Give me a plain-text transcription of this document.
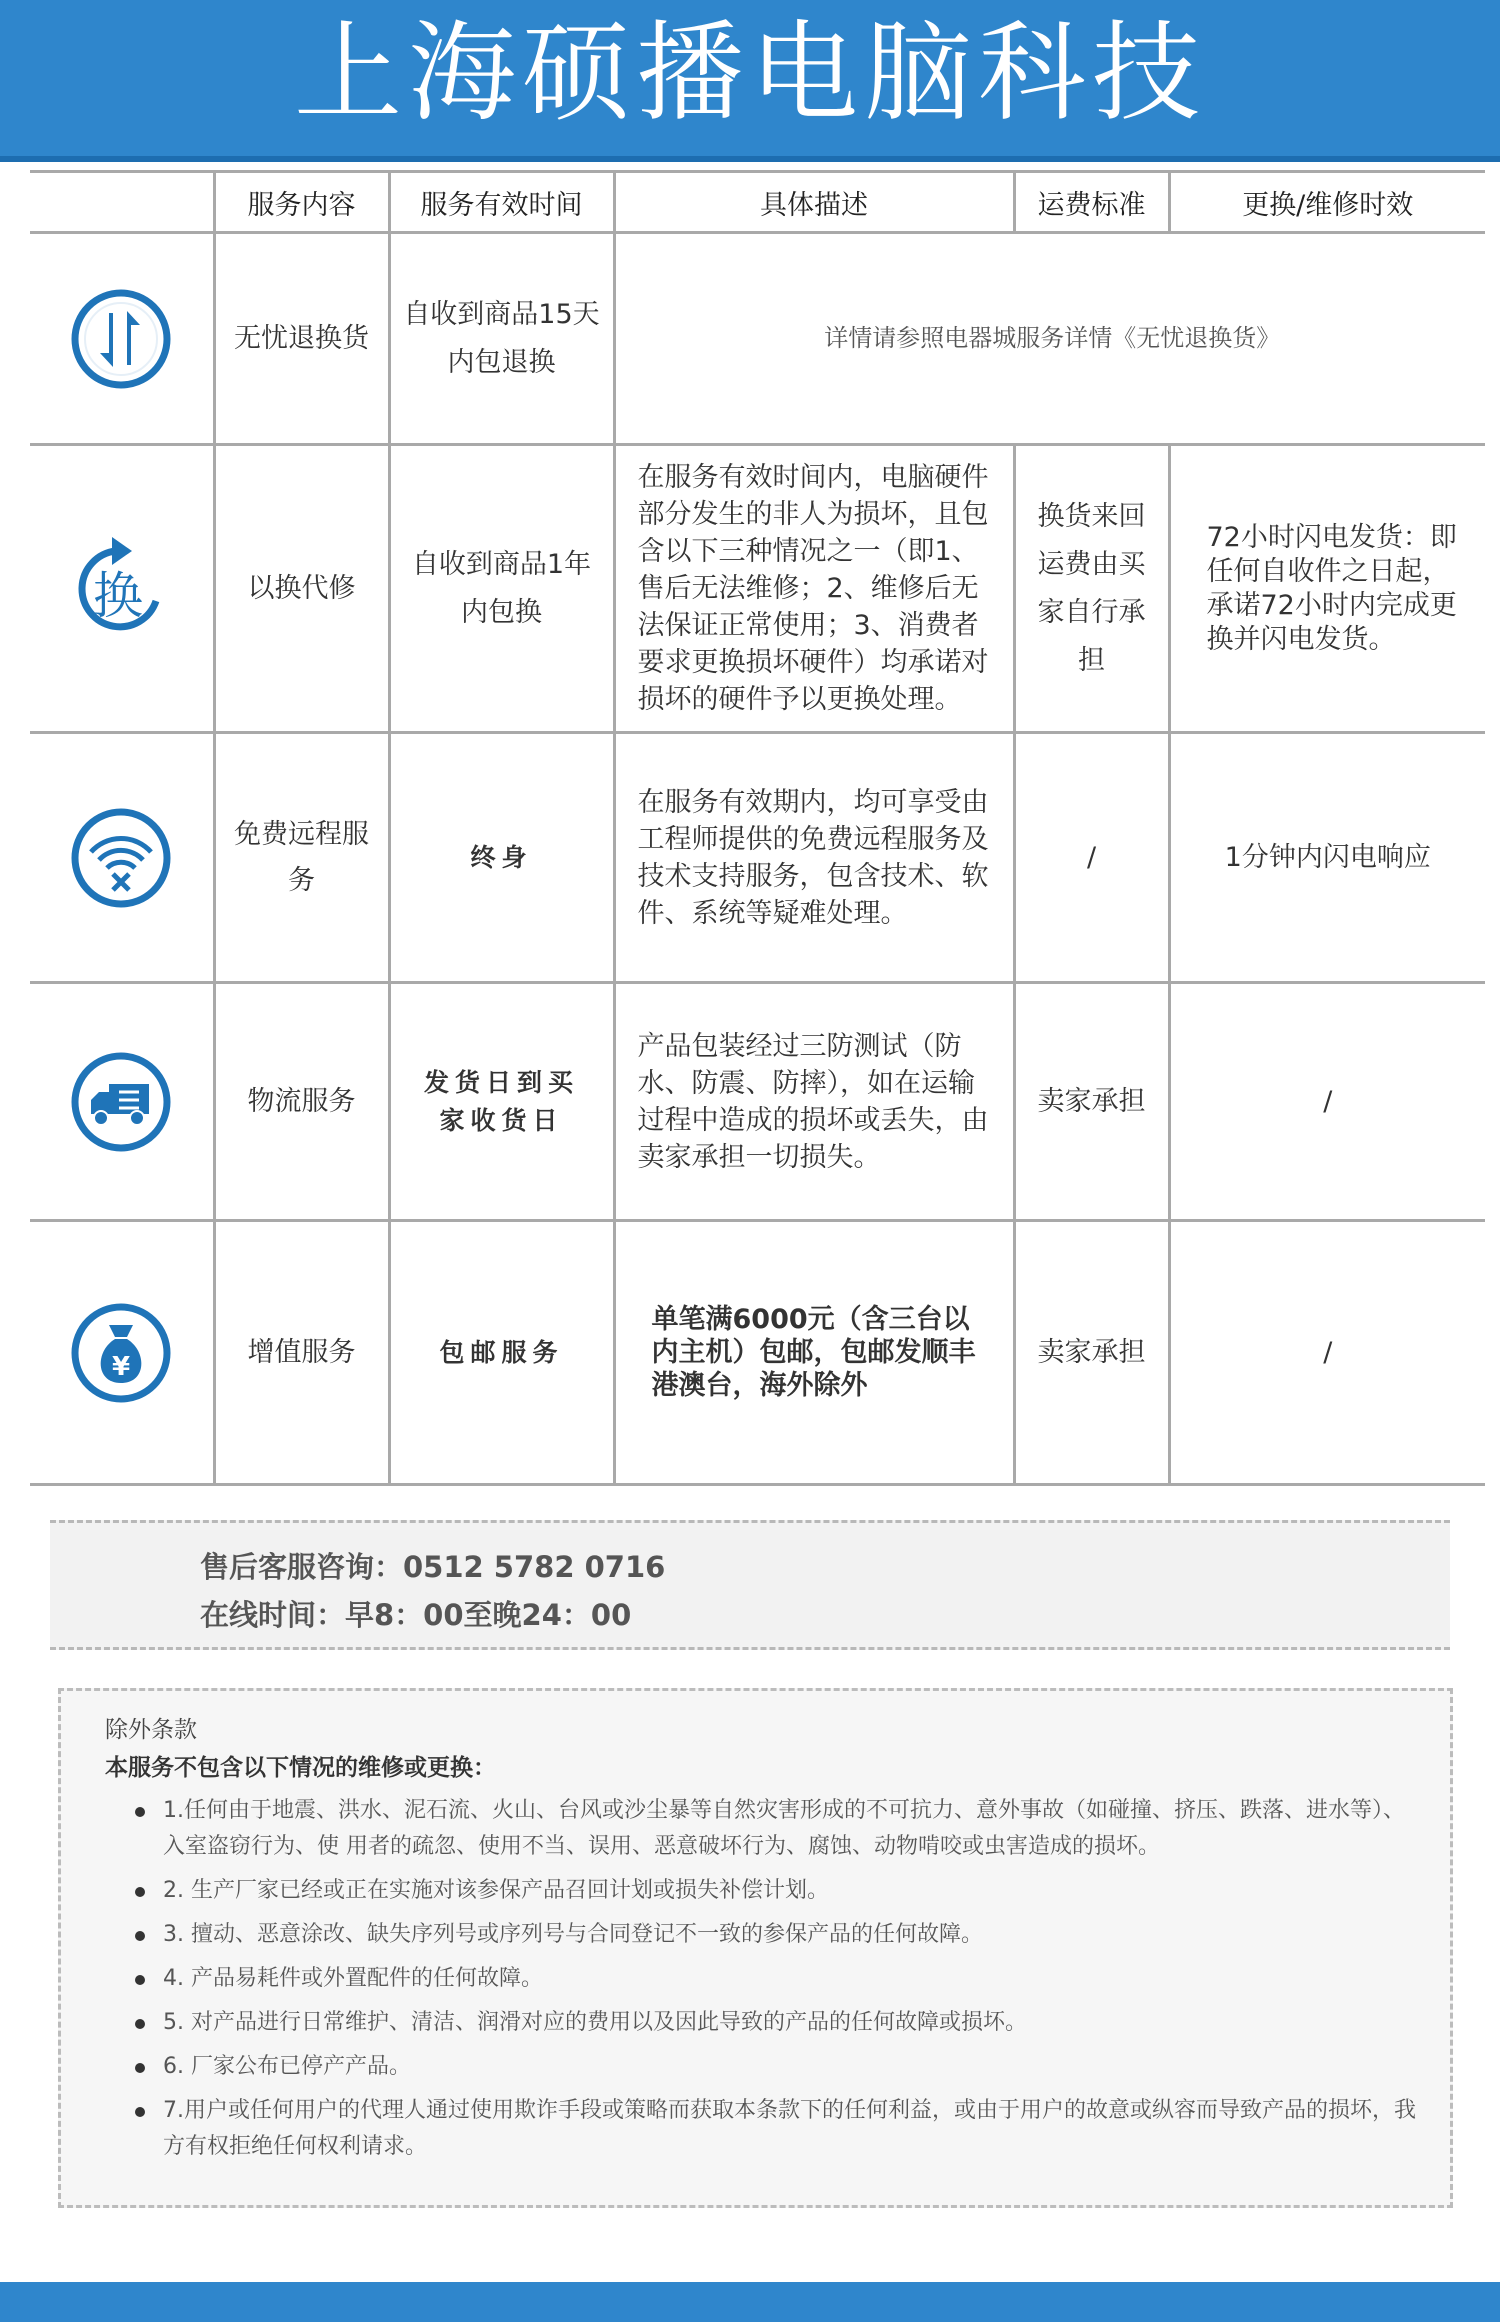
上海硕播电脑科技
	服务内容	服务有效时间	具体描述	运费标准	更换/维修时效

	无忧退换货	自收到商品15天内包退换	详情请参照电器城服务详情《无忧退换货》		

换	以换代修	自收到商品1年内包换	在服务有效时间内，电脑硬件部分发生的非人为损坏，且包含以下三种情况之一（即1、售后无法维修；2、维修后无法保证正常使用；3、消费者要求更换损坏硬件）均承诺对损坏的硬件予以更换处理。	换货来回运费由买家自行承担	72小时闪电发货：即任何自收件之日起，承诺72小时内完成更换并闪电发货。

	免费远程服务	终身	在服务有效期内，均可享受由工程师提供的免费远程服务及技术支持服务，包含技术、软件、系统等疑难处理。	/	1分钟内闪电响应

	物流服务	发货日到买家收货日	产品包装经过三防测试（防水、防震、防摔），如在运输过程中造成的损坏或丢失，由卖家承担一切损失。	卖家承担	/

¥	增值服务	包邮服务	单笔满6000元（含三台以内主机）包邮，包邮发顺丰港澳台，海外除外	卖家承担	/
售后客服咨询：0512 5782 0716
在线时间：早8：00至晚24：00
除外条款
本服务不包含以下情况的维修或更换：
1.任何由于地震、洪水、泥石流、火山、台风或沙尘暴等自然灾害形成的不可抗力、意外事故（如碰撞、挤压、跌落、进水等）、入室盗窃行为、使 用者的疏忽、使用不当、误用、恶意破坏行为、腐蚀、动物啃咬或虫害造成的损坏。
2. 生产厂家已经或正在实施对该参保产品召回计划或损失补偿计划。
3. 擅动、恶意涂改、缺失序列号或序列号与合同登记不一致的参保产品的任何故障。
4. 产品易耗件或外置配件的任何故障。
5. 对产品进行日常维护、清洁、润滑对应的费用以及因此导致的产品的任何故障或损坏。
6. 厂家公布已停产产品。
7.用户或任何用户的代理人通过使用欺诈手段或策略而获取本条款下的任何利益，或由于用户的故意或纵容而导致产品的损坏，我方有权拒绝任何权利请求。
